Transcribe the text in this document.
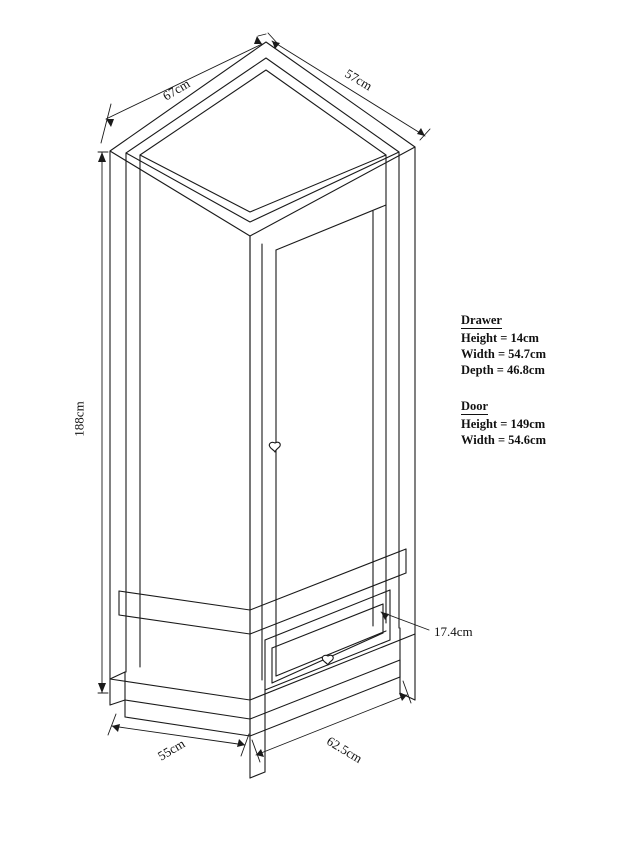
67cm	57cm
188cm
17.4cm
55cm	62.5cm
Drawer
Height = 14cm
Width = 54.7cm
Depth = 46.8cm
Door
Height = 149cm
Width = 54.6cm
